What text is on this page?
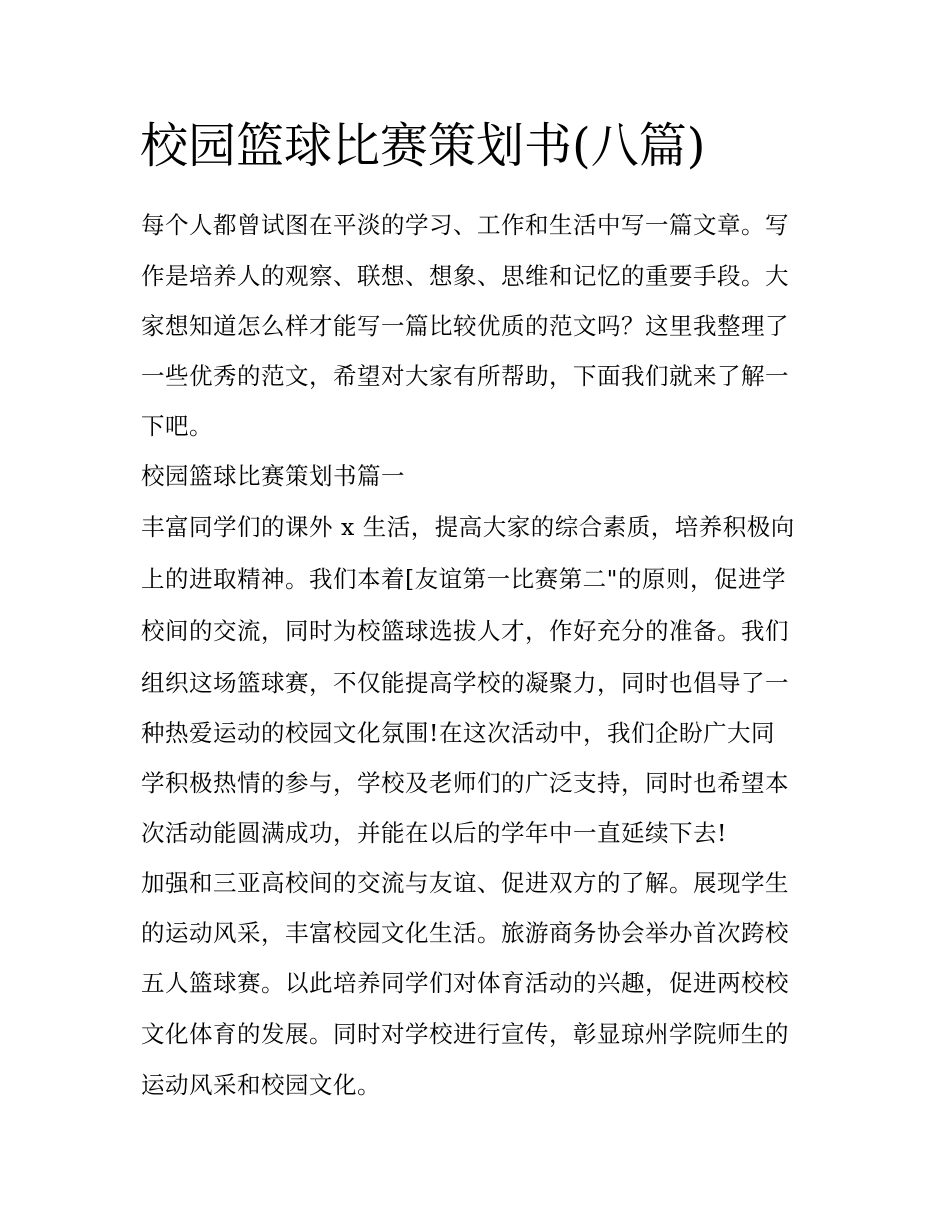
校园篮球比赛策划书(八篇)
每个人都曾试图在平淡的学习、工作和生活中写一篇文章。写
作是培养人的观察、联想、想象、思维和记忆的重要手段。大
家想知道怎么样才能写一篇比较优质的范文吗？这里我整理了
一些优秀的范文，希望对大家有所帮助，下面我们就来了解一
下吧。
校园篮球比赛策划书篇一
丰富同学们的课外 x 生活，提高大家的综合素质，培养积极向
上的进取精神。我们本着[友谊第一比赛第二"的原则，促进学
校间的交流，同时为校篮球选拔人才，作好充分的准备。我们
组织这场篮球赛，不仅能提高学校的凝聚力，同时也倡导了一
种热爱运动的校园文化氛围!在这次活动中，我们企盼广大同
学积极热情的参与，学校及老师们的广泛支持，同时也希望本
次活动能圆满成功，并能在以后的学年中一直延续下去!
加强和三亚高校间的交流与友谊、促进双方的了解。展现学生
的运动风采，丰富校园文化生活。旅游商务协会举办首次跨校
五人篮球赛。以此培养同学们对体育活动的兴趣，促进两校校
文化体育的发展。同时对学校进行宣传，彰显琼州学院师生的
运动风采和校园文化。
